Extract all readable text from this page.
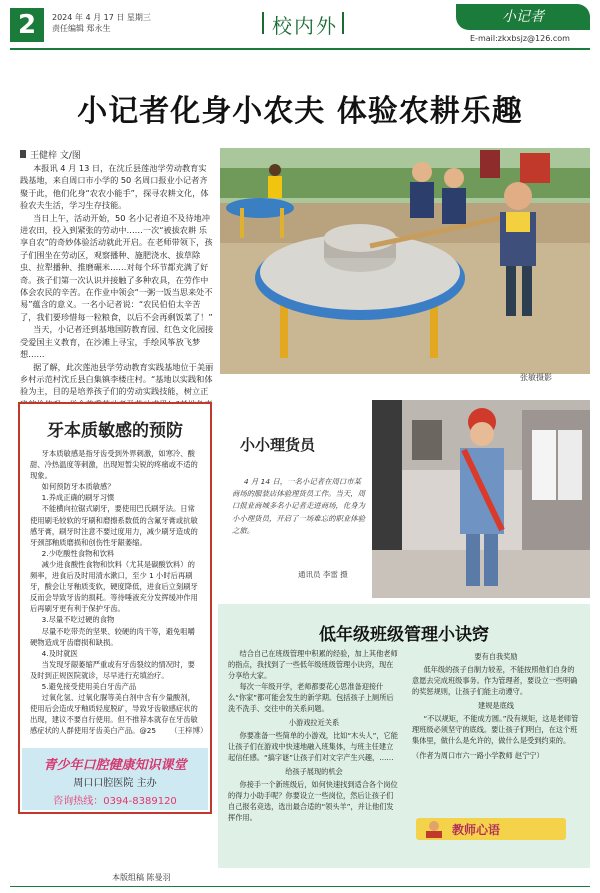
2	2024 年 4 月 17 日 星期三
责任编辑 郑永生	校内外	小记者
E-mail:zkxbsjz@126.com
小记者化身小农夫 体验农耕乐趣
王健梓 文/图

本报讯 4 月 13 日，在沈丘县莲池学劳动教育实践基地，来自周口市小学的 50 名周口报业小记者齐聚于此，他们化身“农农小能手”，探寻农耕文化，体验农夫生活，学习生存技能。

当日上午，活动开始，50 名小记者迫不及待地冲进农田，投入到紧张的劳动中……一次“被拔农耕 乐享自农”的奇妙体验活动就此开启。在老师带领下，孩子们围坐在劳动区，观察播种、施肥浇水、拔草除虫、拉犁播种、推磨碾米……对每个环节都充满了好奇。孩子们第一次认识并接触了多种农具，在劳作中体会农民的辛苦。在作业中领会“一粥一饭当思来处不易”蕴含的意义。一名小记者说：“农民伯伯太辛苦了，我们要珍惜每一粒粮食，以后不会再剩饭菜了！”

当天，小记者还到基地国防教育园、红色文化园接受爱国主义教育，在沙滩上寻宝，手绘风筝放飞梦想……

据了解，此次莲池县学劳动教育实践基地位于美丽乡村示范村沈丘县白集镇李楼庄村。“基地以实践和体验为主，目的是培养孩子们的劳动实践技能，树立正

张敏摄影
牙本质敏感的预防

牙本质敏感是指牙齿受到外界刺激，如寒冷、酸甜、冷热温度等刺激，出现短暂尖锐的疼痛或不适的现象。

如何预防牙本质敏感？

1.养成正确的刷牙习惯

不能横向拉锯式刷牙，要使用巴氏刷牙法。日常使用刷毛较软的牙刷和磨擦系数低的含氟牙膏或抗敏感牙膏，刷牙时注意不要过度用力，减少刷牙造成的牙颈部釉质磨损和创伤性牙龈萎缩。

2.少吃酸性食物和饮料

减少进食酸性食物和饮料（尤其是碳酸饮料）的频率，进食后及时用清水漱口，至少 1 小时后再刷牙，酸会让牙釉质变软，硬度降低，进食后立刻刷牙反而会导致牙齿的损耗。等待唾液充分发挥缓冲作用后再刷牙更有利于保护牙齿。

3.尽量不吃过硬的食物

尽量不吃带壳的坚果、较硬的肉干等，避免咀嚼硬物造成牙齿磨损和缺损。

4.及时就医

当发现牙龈萎缩严重或有牙齿裂纹的情况时，要及时到正规医院就诊，尽早进行充填治疗。

5.避免接受使用美白牙齿产品

过氧化氢、过氧化脲等美白剂中含有少量酸剂，使用后会造成牙釉质轻度脱矿，导致牙齿敏感症状的出现，建议不要自行使用。但不推荐本就存在牙齿敏感症状的人群使用牙齿美白产品。@25	（王梓博）
青少年口腔健康知识课堂
周口口腔医院 主办
咨询热线：0394-8389120
小小理货员
4 月 14 日，一名小记者在周口市某商场的服装店体验理货员工作。当天，周口报业商城多名小记者走进商场，化身为小小理货员，开启了一场难忘的职业体验之旅。
通讯员 李雷 摄
低年级班级管理小诀窍

结合自己在班级管理中积累的经验，加上其他老师的指点，我找到了一些低年级班级管理小诀窍，现在分享给大家。

每次一年级开学，老师都要花心思准备迎接什么“你家”都可能会发生的新学期。包括孩子上厕所后洗不洗手、交往中的关系问题。

小游戏拉近关系

你要准备一些简单的小游戏，比如“木头人”，它能让孩子们在游戏中快速地融入班集体，与班主任建立起信任感。“搞字谜”让孩子们对文字产生兴趣，……

给孩子展现的机会

你接手一个新班级后，如何快速找到适合各个岗位的得力小助手呢？你要设立一些岗位，然后让孩子们自己报名竞选，选出最合适的“领头羊”，并让他们发挥作用。

要有自我奖励

低年级的孩子自制力较差，不能按照他们自身的意愿去完成班级事务。作为管理者，要设立一些明确的奖惩规则，让孩子们能主动遵守。

建规是底线

“不以规矩，不能成方圆。”没有规矩，这是老师管理班级必须坚守的底线。要让孩子们明白，在这个班集体里，做什么是允许的，做什么是受到约束的。

（作者为周口市六一路小学教师 赵宁宁）

教师心语
本版组稿 陈曼羽
